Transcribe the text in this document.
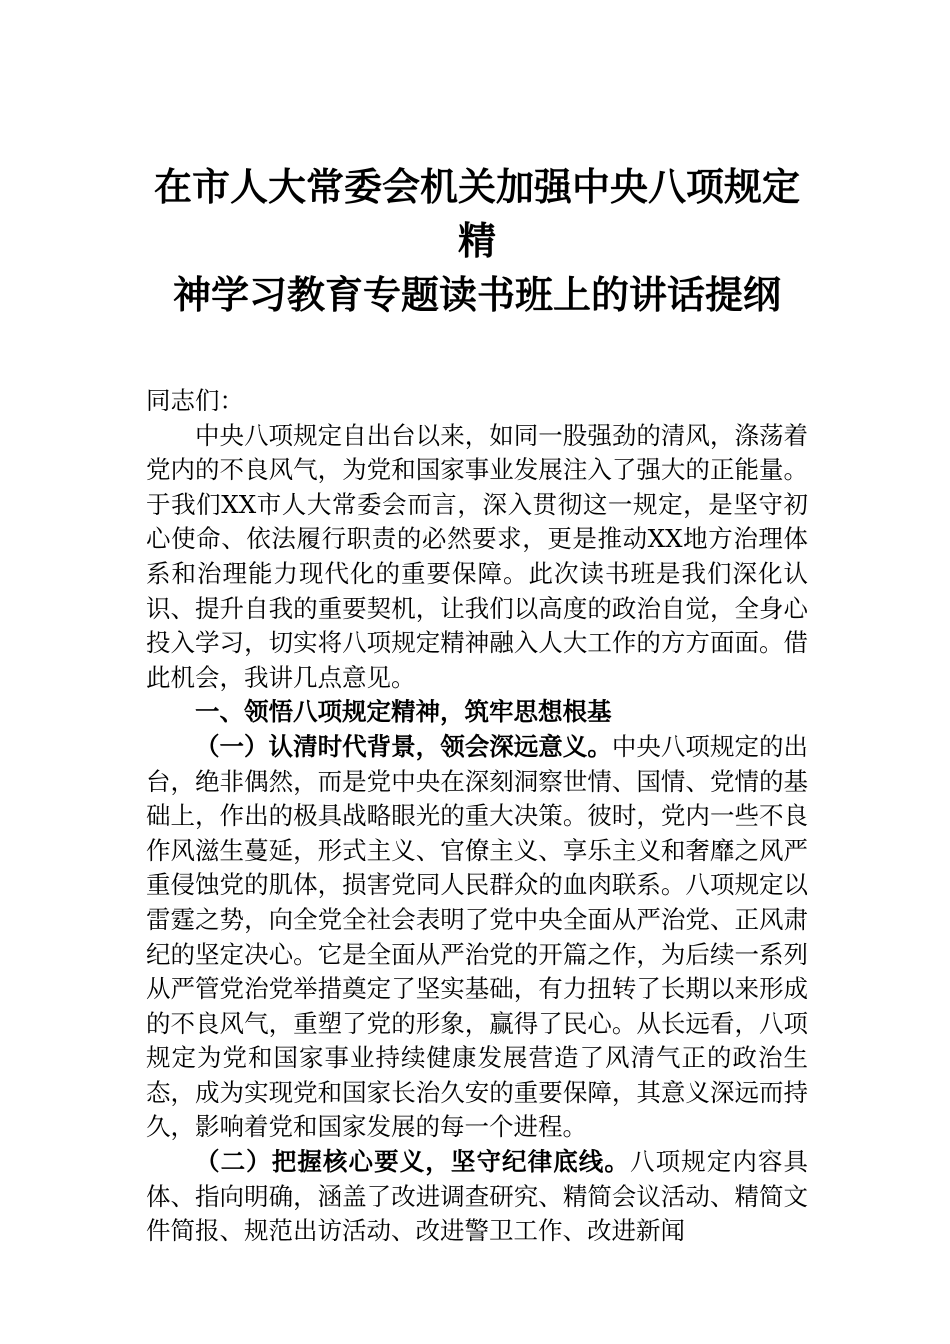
在市人大常委会机关加强中央八项规定精
神学习教育专题读书班上的讲话提纲

同志们：

中央八项规定自出台以来，如同一股强劲的清风，涤荡着党内的不良风气，为党和国家事业发展注入了强大的正能量。于我们XX市人大常委会而言，深入贯彻这一规定，是坚守初心使命、依法履行职责的必然要求，更是推动XX地方治理体系和治理能力现代化的重要保障。此次读书班是我们深化认识、提升自我的重要契机，让我们以高度的政治自觉，全身心投入学习，切实将八项规定精神融入人大工作的方方面面。借此机会，我讲几点意见。

一、领悟八项规定精神，筑牢思想根基

（一）认清时代背景，领会深远意义。中央八项规定的出台，绝非偶然，而是党中央在深刻洞察世情、国情、党情的基础上，作出的极具战略眼光的重大决策。彼时，党内一些不良作风滋生蔓延，形式主义、官僚主义、享乐主义和奢靡之风严重侵蚀党的肌体，损害党同人民群众的血肉联系。八项规定以雷霆之势，向全党全社会表明了党中央全面从严治党、正风肃纪的坚定决心。它是全面从严治党的开篇之作，为后续一系列从严管党治党举措奠定了坚实基础，有力扭转了长期以来形成的不良风气，重塑了党的形象，赢得了民心。从长远看，八项规定为党和国家事业持续健康发展营造了风清气正的政治生态，成为实现党和国家长治久安的重要保障，其意义深远而持久，影响着党和国家发展的每一个进程。

（二）把握核心要义，坚守纪律底线。八项规定内容具体、指向明确，涵盖了改进调查研究、精简会议活动、精简文件简报、规范出访活动、改进警卫工作、改进新闻
